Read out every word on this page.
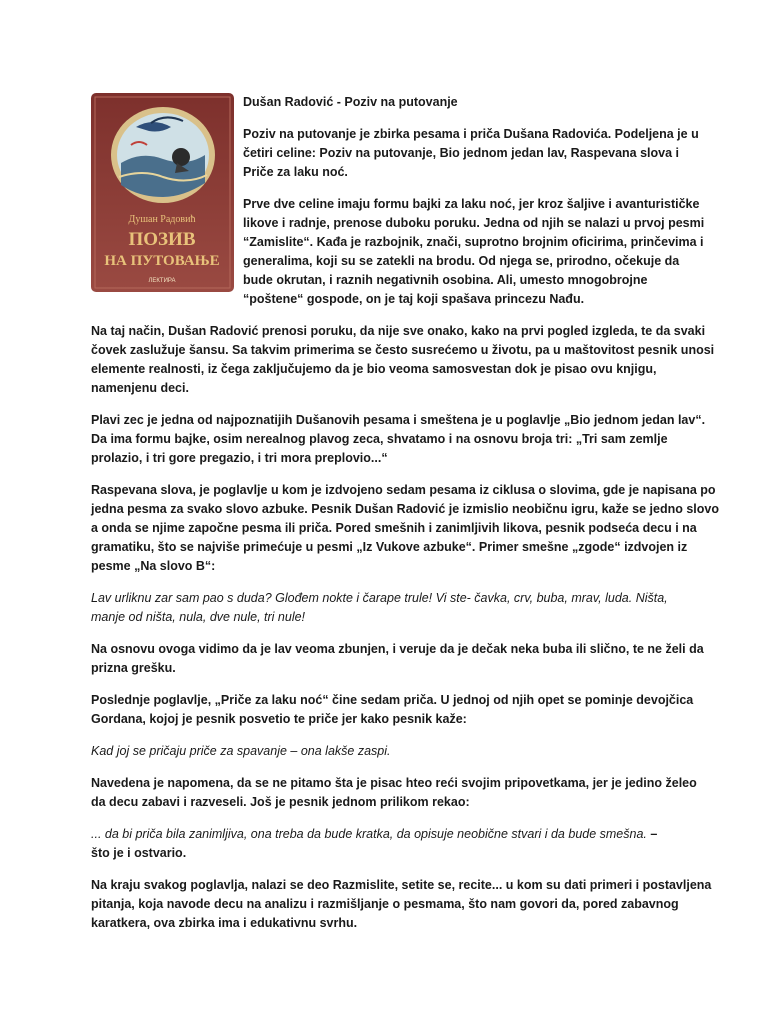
Душан Радовић
ПОЗИВ
НА ПУТОВАЊЕ
ЛЕКТИРА

Dušan Radović - Poziv na putovanje

Poziv na putovanje je zbirka pesama i priča Dušana Radovića. Podeljena je u

četiri celine: Poziv na putovanje, Bio jednom jedan lav, Raspevana slova i

Priče za laku noć.

Prve dve celine imaju formu bajki za laku noć, jer kroz šaljive i avanturističke

likove i radnje, prenose duboku poruku. Jedna od njih se nalazi u prvoj pesmi

“Zamislite“. Kađa je razbojnik, znači, suprotno brojnim oficirima, prinčevima i

generalima, koji su se zatekli na brodu. Od njega se, prirodno, očekuje da

bude okrutan, i raznih negativnih osobina. Ali, umesto mnogobrojne

“poštene“ gospode, on je taj koji spašava princezu Nađu.

Na taj način, Dušan Radović prenosi poruku, da nije sve onako, kako na prvi pogled izgleda, te da svaki

čovek zaslužuje šansu. Sa takvim primerima se često susrećemo u životu, pa u maštovitost pesnik unosi

elemente realnosti, iz čega zaključujemo da je bio veoma samosvestan dok je pisao ovu knjigu,

namenjenu deci.

Plavi zec je jedna od najpoznatijih Dušanovih pesama i smeštena je u poglavlje „Bio jednom jedan lav“.

Da ima formu bajke, osim nerealnog plavog zeca, shvatamo i na osnovu broja tri: „Tri sam zemlje

prolazio, i tri gore pregazio, i tri mora preplovio...“

Raspevana slova, je poglavlje u kom je izdvojeno sedam pesama iz ciklusa o slovima, gde je napisana po

jedna pesma za svako slovo azbuke. Pesnik Dušan Radović je izmislio neobičnu igru, kaže se jedno slovo

a onda se njime započne pesma ili priča. Pored smešnih i zanimljivih likova, pesnik podseća decu i na

gramatiku, što se najviše primećuje u pesmi „Iz Vukove azbuke“. Primer smešne „zgode“ izdvojen iz

pesme „Na slovo B“:

Lav urliknu zar sam pao s duda? Glođem nokte i čarape trule! Vi ste- čavka, crv, buba, mrav, luda. Ništa,

manje od ništa, nula, dve nule, tri nule!

Na osnovu ovoga vidimo da je lav veoma zbunjen, i veruje da je dečak neka buba ili slično, te ne želi da

prizna grešku.

Poslednje poglavlje, „Priče za laku noć“ čine sedam priča. U jednoj od njih opet se pominje devojčica

Gordana, kojoj je pesnik posvetio te priče jer kako pesnik kaže:

Kad joj se pričaju priče za spavanje – ona lakše zaspi.

Navedena je napomena, da se ne pitamo šta je pisac hteo reći svojim pripovetkama, jer je jedino želeo

da decu zabavi i razveseli. Još je pesnik jednom prilikom rekao:

... da bi priča bila zanimljiva, ona treba da bude kratka, da opisuje neobične stvari i da bude smešna. –

što je i ostvario.

Na kraju svakog poglavlja, nalazi se deo Razmislite, setite se, recite... u kom su dati primeri i postavljena

pitanja, koja navode decu na analizu i razmišljanje o pesmama, što nam govori da, pored zabavnog

karatkera, ova zbirka ima i edukativnu svrhu.
